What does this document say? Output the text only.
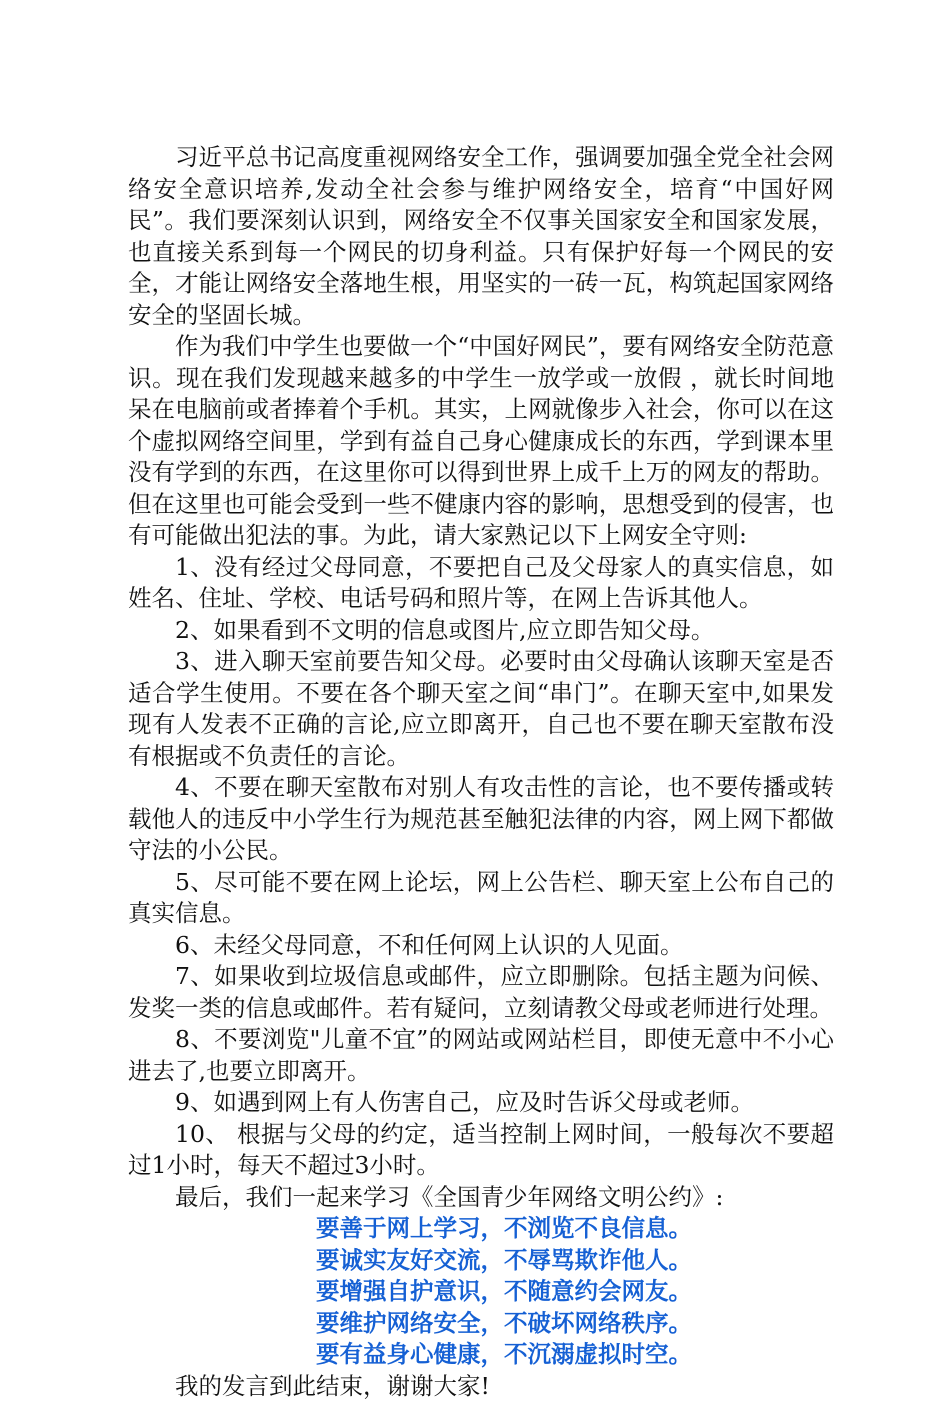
习近平总书记高度重视网络安全工作，强调要加强全党全社会网络安全意识培养,发动全社会参与维护网络安全，培育“中国好网民”。我们要深刻认识到，网络安全不仅事关国家安全和国家发展，也直接关系到每一个网民的切身利益。只有保护好每一个网民的安全，才能让网络安全落地生根，用坚实的一砖一瓦，构筑起国家网络安全的坚固长城。

作为我们中学生也要做一个“中国好网民”，要有网络安全防范意识。现在我们发现越来越多的中学生一放学或一放假 ，就长时间地呆在电脑前或者捧着个手机。其实，上网就像步入社会，你可以在这个虚拟网络空间里，学到有益自己身心健康成长的东西，学到课本里没有学到的东西，在这里你可以得到世界上成千上万的网友的帮助。但在这里也可能会受到一些不健康内容的影响，思想受到的侵害，也有可能做出犯法的事。为此，请大家熟记以下上网安全守则:

1、没有经过父母同意，不要把自己及父母家人的真实信息，如姓名、住址、学校、电话号码和照片等，在网上告诉其他人。

2、如果看到不文明的信息或图片,应立即告知父母。

3、进入聊天室前要告知父母。必要时由父母确认该聊天室是否适合学生使用。不要在各个聊天室之间“串门”。在聊天室中,如果发现有人发表不正确的言论,应立即离开，自己也不要在聊天室散布没有根据或不负责任的言论。

4、不要在聊天室散布对别人有攻击性的言论，也不要传播或转载他人的违反中小学生行为规范甚至触犯法律的内容，网上网下都做守法的小公民。

5、尽可能不要在网上论坛，网上公告栏、聊天室上公布自己的真实信息。

6、未经父母同意，不和任何网上认识的人见面。

7、如果收到垃圾信息或邮件，应立即删除。包括主题为问候、发奖一类的信息或邮件。若有疑问，立刻请教父母或老师进行处理。

8、不要浏览"儿童不宜”的网站或网站栏目，即使无意中不小心进去了,也要立即离开。

9、如遇到网上有人伤害自己，应及时告诉父母或老师。

10、 根据与父母的约定，适当控制上网时间，一般每次不要超过1小时，每天不超过3小时。

最后，我们一起来学习《全国青少年网络文明公约》:

要善于网上学习，不浏览不良信息。

要诚实友好交流，不辱骂欺诈他人。

要增强自护意识，不随意约会网友。

要维护网络安全，不破坏网络秩序。

要有益身心健康，不沉溺虚拟时空。

我的发言到此结束，谢谢大家!
